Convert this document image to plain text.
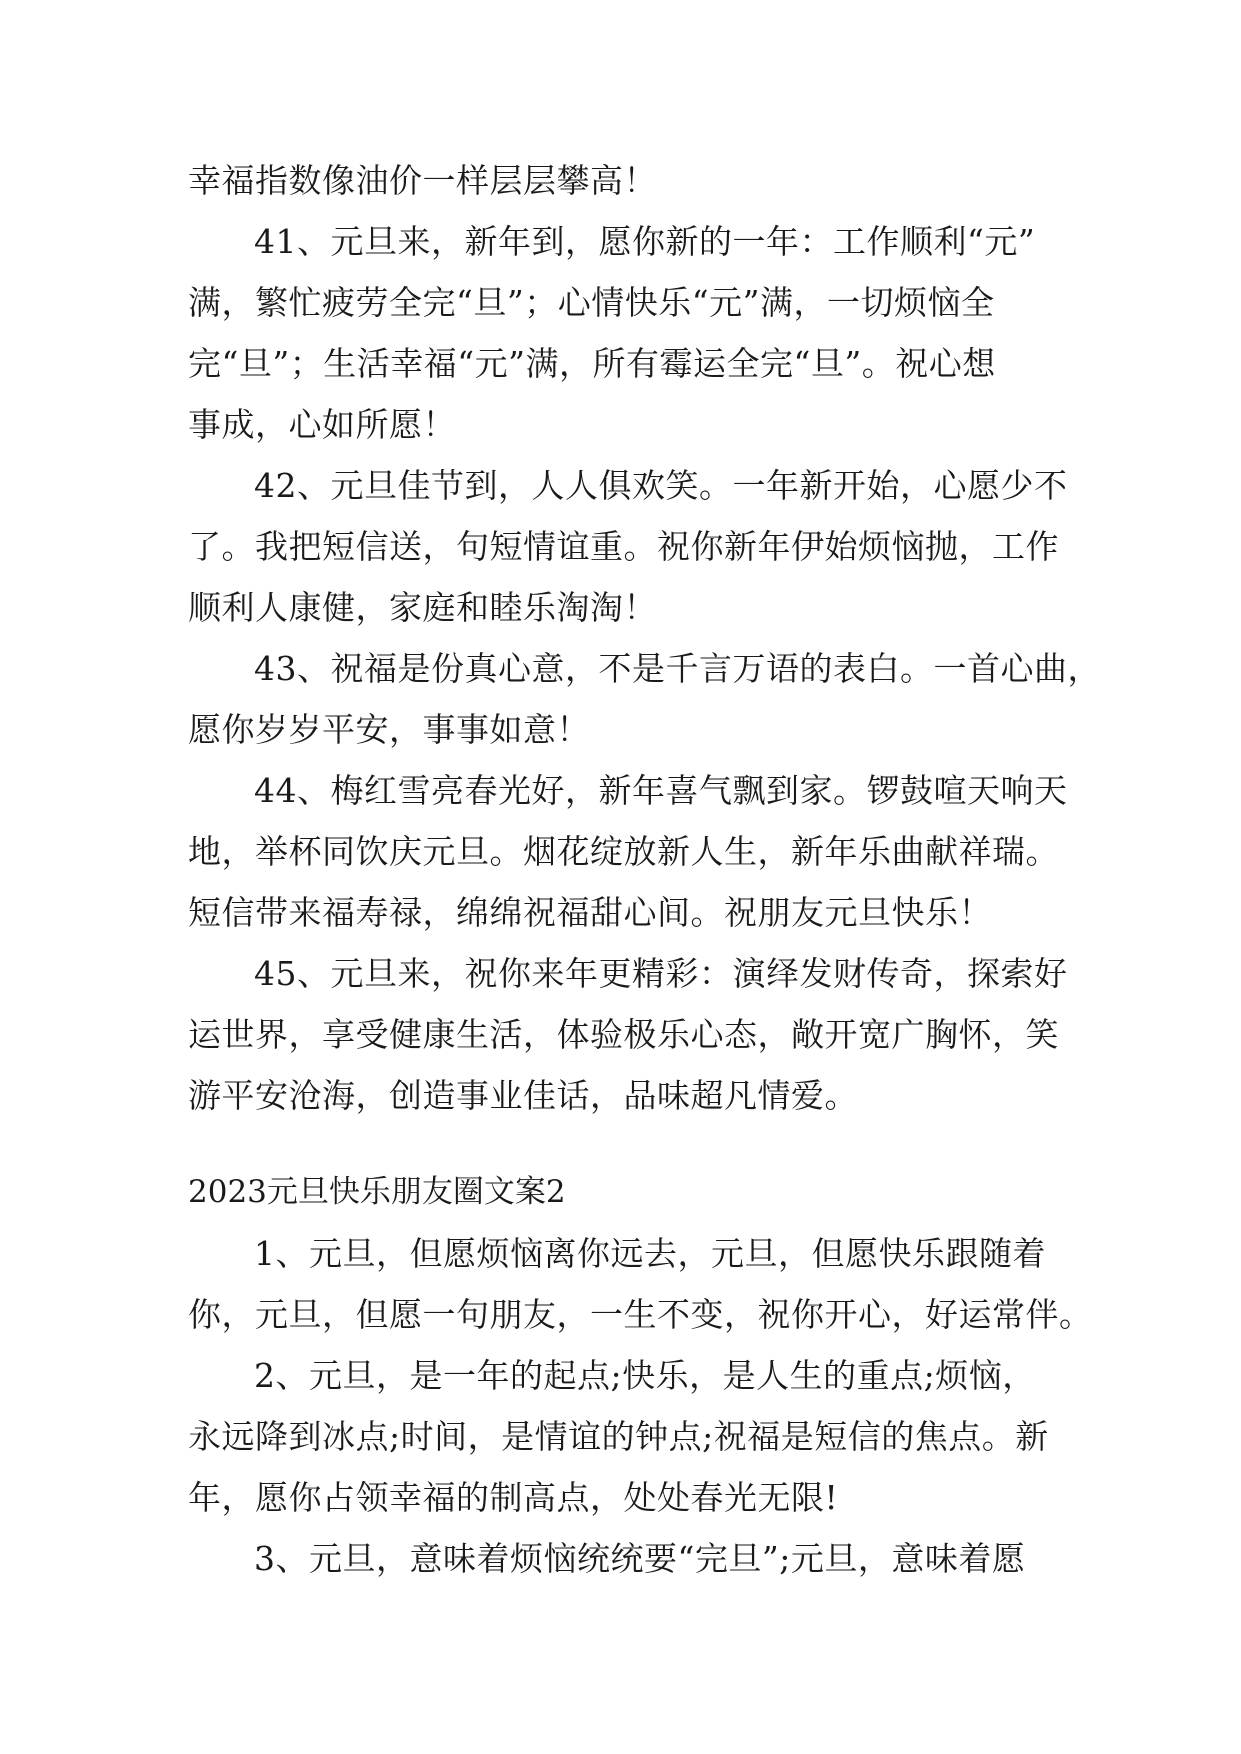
幸福指数像油价一样层层攀高！
41、元旦来，新年到，愿你新的一年：工作顺利“元”
满，繁忙疲劳全完“旦”；心情快乐“元”满，一切烦恼全
完“旦”；生活幸福“元”满，所有霉运全完“旦”。祝心想
事成，心如所愿！
42、元旦佳节到，人人俱欢笑。一年新开始，心愿少不
了。我把短信送，句短情谊重。祝你新年伊始烦恼抛，工作
顺利人康健，家庭和睦乐淘淘！
43、祝福是份真心意，不是千言万语的表白。一首心曲，
愿你岁岁平安，事事如意！
44、梅红雪亮春光好，新年喜气飘到家。锣鼓喧天响天
地，举杯同饮庆元旦。烟花绽放新人生，新年乐曲献祥瑞。
短信带来福寿禄，绵绵祝福甜心间。祝朋友元旦快乐！
45、元旦来，祝你来年更精彩：演绎发财传奇，探索好
运世界，享受健康生活，体验极乐心态，敞开宽广胸怀，笑
游平安沧海，创造事业佳话，品味超凡情爱。
2023元旦快乐朋友圈文案2
1、元旦，但愿烦恼离你远去，元旦，但愿快乐跟随着
你，元旦，但愿一句朋友，一生不变，祝你开心，好运常伴。
2、元旦，是一年的起点;快乐，是人生的重点;烦恼，
永远降到冰点;时间，是情谊的钟点;祝福是短信的焦点。新
年，愿你占领幸福的制高点，处处春光无限!
3、元旦，意味着烦恼统统要“完旦”;元旦，意味着愿
